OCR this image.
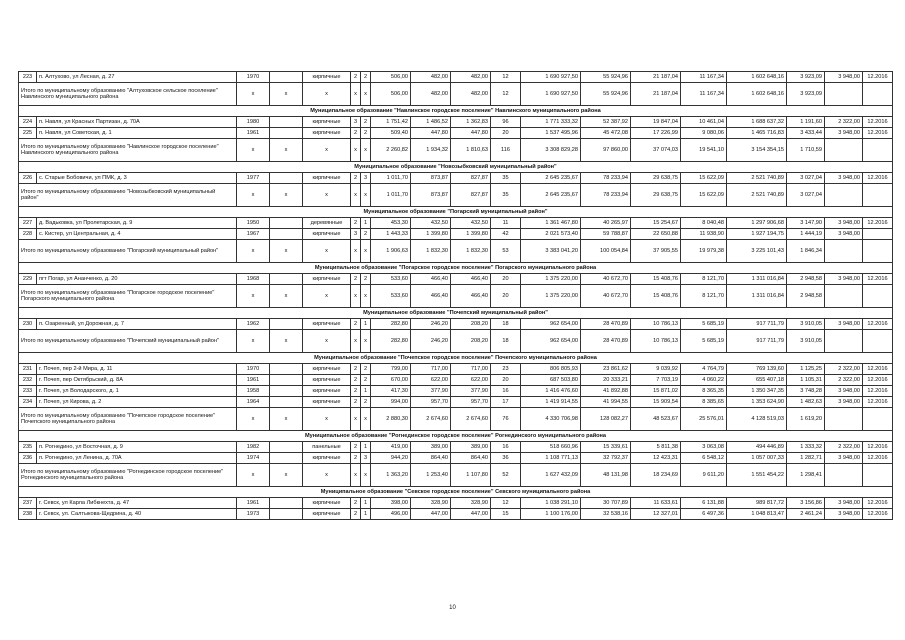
223	п. Алтухово, ул Лесная, д. 27	1970		кирпичные	2	2	506,00	482,00	482,00	12	1 690 927,50	55 924,96	21 187,04	11 167,34	1 602 648,16	3 923,09	3 948,00	12.2016
Итого по муниципальному образованию "Алтуховское сельское поселение" Навлинского муниципального района		x	x	x	x	x	506,00	482,00	482,00	12	1 690 927,50	55 924,96	21 187,04	11 167,34	1 602 648,16	3 923,09		
Муниципальное образование "Навлинское городское поселение" Навлинского муниципального района																		
224	п. Навля, ул Красных Партизан, д. 70А	1980		кирпичные	3	2	1 751,42	1 486,52	1 362,83	96	1 771 333,32	52 387,92	19 847,04	10 461,04	1 688 637,32	1 191,60	2 322,00	12.2016
225	п. Навля, ул Советская, д. 1	1961		кирпичные	2	2	509,40	447,80	447,80	20	1 537 495,96	45 472,08	17 226,99	9 080,06	1 465 716,83	3 433,44	3 948,00	12.2016
Итого по муниципальному образованию "Навлинское городское поселение" Навлинского муниципального района		x	x	x	x	x	2 260,82	1 934,32	1 810,63	116	3 308 829,28	97 860,00	37 074,03	19 541,10	3 154 354,15	1 710,59		
Муниципальное образование "Новозыбковский муниципальный район"																		
226	с. Старые Бобовичи, ул ПМК, д. 3	1977		кирпичные	2	3	1 011,70	873,87	827,87	35	2 645 235,67	78 233,94	29 638,75	15 622,09	2 521 740,89	3 027,04	3 948,00	12.2016
Итого по муниципальному образованию "Новозыбковский муниципальный район"		x	x	x	x	x	1 011,70	873,87	827,87	35	2 645 235,67	78 233,94	29 638,75	15 622,09	2 521 740,89	3 027,04		
Муниципальное образование "Погарский муниципальный район"																		
227	д. Вадьковка, ул Пролетарская, д. 9	1950		деревянные	2	1	453,30	432,50	432,50	11	1 361 467,80	40 265,97	15 254,67	8 040,48	1 297 906,68	3 147,90	3 948,00	12.2016
228	с. Кистер, ул Центральная, д. 4	1967		кирпичные	3	2	1 443,33	1 399,80	1 399,80	42	2 021 573,40	59 788,87	22 650,88	11 938,90	1 927 194,75	1 444,19	3 948,00	
Итого по муниципальному образованию "Погарский муниципальный район"		x	x	x	x	x	1 906,63	1 832,30	1 832,30	53	3 383 041,20	100 054,84	37 905,55	19 979,38	3 225 101,43	1 846,34		
Муниципальное образование "Погарское городское поселение" Погарского муниципального района																		
229	пгт Погар, ул Ананченко, д. 20	1968		кирпичные	2	2	533,60	466,40	466,40	20	1 375 220,00	40 672,70	15 408,76	8 121,70	1 311 016,84	2 948,58	3 948,00	12.2016
Итого по муниципальному образованию "Погарское городское поселение" Погарского муниципального района		x	x	x	x	x	533,60	466,40	466,40	20	1 375 220,00	40 672,70	15 408,76	8 121,70	1 311 016,84	2 948,58		
Муниципальное образование "Почепский муниципальный район"																		
230	п. Озаренный, ул Дорожная, д. 7	1962		кирпичные	2	1	282,80	246,20	208,20	18	962 654,00	28 470,89	10 786,13	5 685,19	917 711,79	3 910,05	3 948,00	12.2016
Итого по муниципальному образованию "Почепский муниципальный район"		x	x	x	x	x	282,80	246,20	208,20	18	962 654,00	28 470,89	10 786,13	5 685,19	917 711,79	3 910,05		
Муниципальное образование "Почепское городское поселение" Почепского муниципального района																		
231	г. Почеп, пер 2-й Мира, д. 11	1970		кирпичные	2	2	799,00	717,00	717,00	23	806 805,93	23 861,62	9 039,92	4 764,79	769 139,60	1 125,25	2 322,00	12.2016
232	г. Почеп, пер Октябрьский, д. 8А	1961		кирпичные	2	2	670,00	622,00	622,00	20	687 503,80	20 333,21	7 703,19	4 060,22	655 407,18	1 105,31	2 322,00	12.2016
233	г. Почеп, ул Володарского, д. 1	1958		кирпичные	2	1	417,30	377,90	377,90	16	1 416 476,60	41 892,88	15 871,02	8 365,35	1 350 347,35	3 748,28	3 948,00	12.2016
234	г. Почеп, ул Кирова, д. 2	1964		кирпичные	2	2	994,00	957,70	957,70	17	1 419 914,55	41 994,55	15 909,54	8 385,65	1 353 624,90	1 482,63	3 948,00	12.2016
Итого по муниципальному образованию "Почепское городское поселение" Почепского муниципального района		x	x	x	x	x	2 880,30	2 674,60	2 674,60	76	4 330 706,98	128 082,27	48 523,67	25 576,01	4 128 519,03	1 619,20		
Муниципальное образование "Рогнединское городское поселение" Рогнединского муниципального района																		
235	п. Рогнедино, ул Восточная, д. 9	1982		панельные	2	1	419,00	389,00	389,00	16	518 660,96	15 339,61	5 811,38	3 063,08	494 446,89	1 333,32	2 322,00	12.2016
236	п. Рогнедино, ул Ленина, д. 70А	1974		кирпичные	2	3	944,20	864,40	864,40	36	1 108 771,13	32 792,37	12 423,31	6 548,12	1 057 007,33	1 282,71	3 948,00	12.2016
Итого по муниципальному образованию "Рогнединское городское поселение" Рогнединского муниципального района		x	x	x	x	x	1 363,20	1 253,40	1 107,80	52	1 627 432,09	48 131,98	18 234,69	9 611,20	1 551 454,22	1 298,41		
Муниципальное образование "Севское городское поселение" Севского муниципального района																		
237	г. Севск, ул Карла Либкнехта, д. 47	1961		кирпичные	2	1	398,00	328,90	328,90	12	1 038 291,10	30 707,89	11 633,61	6 131,88	989 817,72	3 156,86	3 948,00	12.2016
238	г. Севск, ул. Салтыкова-Щедрина, д. 40	1973		кирпичные	2	1	496,00	447,00	447,00	15	1 100 176,00	32 538,16	12 327,01	6 497,36	1 048 813,47	2 461,24	3 948,00	12.2016
10
